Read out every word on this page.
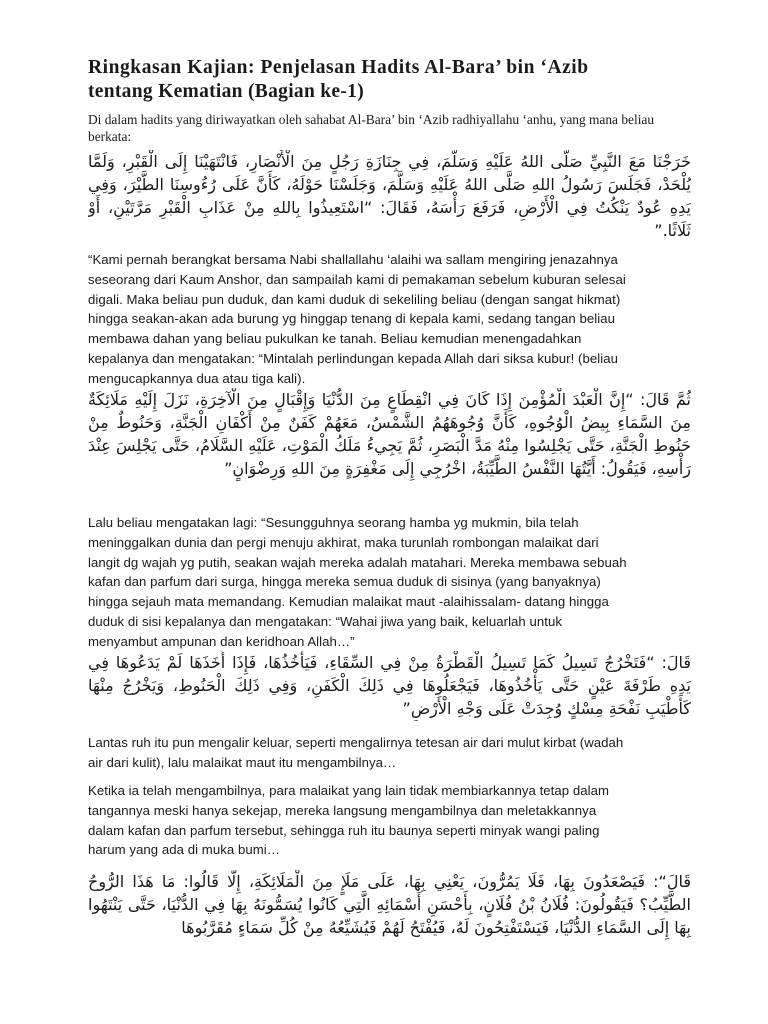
Ringkasan Kajian: Penjelasan Hadits Al-Bara’ bin ‘Azib
tentang Kematian (Bagian ke-1)

Di dalam hadits yang diriwayatkan oleh sahabat Al-Bara’ bin ‘Azib radhiyallahu ‘anhu, yang mana beliau berkata:

خَرَجْنَا مَعَ النَّبِيِّ صَلَّى اللهُ عَلَيْهِ وَسَلَّمَ، فِي جِنَازَةِ رَجُلٍ مِنَ الْأَنْصَارِ، فَانْتَهَيْنَا إِلَى الْقَبْرِ، وَلَمَّا يُلْحَدْ، فَجَلَسَ رَسُولُ اللهِ صَلَّى اللهُ عَلَيْهِ وَسَلَّمَ، وَجَلَسْنَا حَوْلَهُ، كَأَنَّ عَلَى رُءُوسِنَا الطَّيْرَ، وَفِي يَدِهِ عُودٌ يَنْكُتُ فِي الْأَرْضِ، فَرَفَعَ رَأْسَهُ، فَقَالَ: “اسْتَعِيذُوا بِاللهِ مِنْ عَذَابِ الْقَبْرِ مَرَّتَيْنِ، أَوْ ثَلَاثًا.”

“Kami pernah berangkat bersama Nabi shallallahu ‘alaihi wa sallam mengiring jenazahnya
seseorang dari Kaum Anshor, dan sampailah kami di pemakaman sebelum kuburan selesai
digali. Maka beliau pun duduk, dan kami duduk di sekeliling beliau (dengan sangat hikmat)
hingga seakan-akan ada burung yg hinggap tenang di kepala kami, sedang tangan beliau
membawa dahan yang beliau pukulkan ke tanah. Beliau kemudian menengadahkan
kepalanya dan mengatakan: “Mintalah perlindungan kepada Allah dari siksa kubur! (beliau
mengucapkannya dua atau tiga kali).

ثُمَّ قَالَ: “إِنَّ الْعَبْدَ الْمُؤْمِنَ إِذَا كَانَ فِي انْقِطَاعٍ مِنَ الدُّنْيَا وَإِقْبَالٍ مِنَ الْآخِرَةِ، نَزَلَ إِلَيْهِ مَلَائِكَةٌ مِنَ السَّمَاءِ بِيضُ الْوُجُوهِ، كَأَنَّ وُجُوهَهُمُ الشَّمْسُ، مَعَهُمْ كَفَنٌ مِنْ أَكْفَانِ الْجَنَّةِ، وَحَنُوطٌ مِنْ حَنُوطِ الْجَنَّةِ، حَتَّى يَجْلِسُوا مِنْهُ مَدَّ الْبَصَرِ، ثُمَّ يَجِيءُ مَلَكُ الْمَوْتِ، عَلَيْهِ السَّلَامُ، حَتَّى يَجْلِسَ عِنْدَ رَأْسِهِ، فَيَقُولُ: أَيَّتُهَا النَّفْسُ الطَّيِّبَةُ، اخْرُجِي إِلَى مَغْفِرَةٍ مِنَ اللهِ وَرِضْوَانٍ”

Lalu beliau mengatakan lagi: “Sesungguhnya seorang hamba yg mukmin, bila telah
meninggalkan dunia dan pergi menuju akhirat, maka turunlah rombongan malaikat dari
langit dg wajah yg putih, seakan wajah mereka adalah matahari. Mereka membawa sebuah
kafan dan parfum dari surga, hingga mereka semua duduk di sisinya (yang banyaknya)
hingga sejauh mata memandang. Kemudian malaikat maut -alaihissalam- datang hingga
duduk di sisi kepalanya dan mengatakan: “Wahai jiwa yang baik, keluarlah untuk
menyambut ampunan dan keridhoan Allah…”

قَالَ: “فَتَخْرُجُ تَسِيلُ كَمَا تَسِيلُ الْقَطْرَةُ مِنْ فِي السِّقَاءِ، فَيَأْخُذُهَا، فَإِذَا أَخَذَهَا لَمْ يَدَعُوهَا فِي يَدِهِ طَرْفَةَ عَيْنٍ حَتَّى يَأْخُذُوهَا، فَيَجْعَلُوهَا فِي ذَلِكَ الْكَفَنِ، وَفِي ذَلِكَ الْحَنُوطِ، وَيَخْرُجُ مِنْهَا كَأَطْيَبِ نَفْحَةِ مِسْكٍ وُجِدَتْ عَلَى وَجْهِ الْأَرْضِ”

Lantas ruh itu pun mengalir keluar, seperti mengalirnya tetesan air dari mulut kirbat (wadah
air dari kulit), lalu malaikat maut itu mengambilnya…
Ketika ia telah mengambilnya, para malaikat yang lain tidak membiarkannya tetap dalam
tangannya meski hanya sekejap, mereka langsung mengambilnya dan meletakkannya
dalam kafan dan parfum tersebut, sehingga ruh itu baunya seperti minyak wangi paling
harum yang ada di muka bumi…

قَالَ“: فَيَصْعَدُونَ بِهَا، فَلَا يَمُرُّونَ، يَعْنِي بِهَا، عَلَى مَلَإٍ مِنَ الْمَلَائِكَةِ، إِلَّا قَالُوا: مَا هَذَا الرُّوحُ الطَّيِّبُ؟ فَيَقُولُونَ: فُلَانُ بْنُ فُلَانٍ، بِأَحْسَنِ أَسْمَائِهِ الَّتِي كَانُوا يُسَمُّونَهُ بِهَا فِي الدُّنْيَا، حَتَّى يَنْتَهُوا بِهَا إِلَى السَّمَاءِ الدُّنْيَا، فَيَسْتَفْتِحُونَ لَهُ، فَيُفْتَحُ لَهُمْ فَيُشَيِّعُهُ مِنْ كُلِّ سَمَاءٍ مُقَرَّبُوهَا
